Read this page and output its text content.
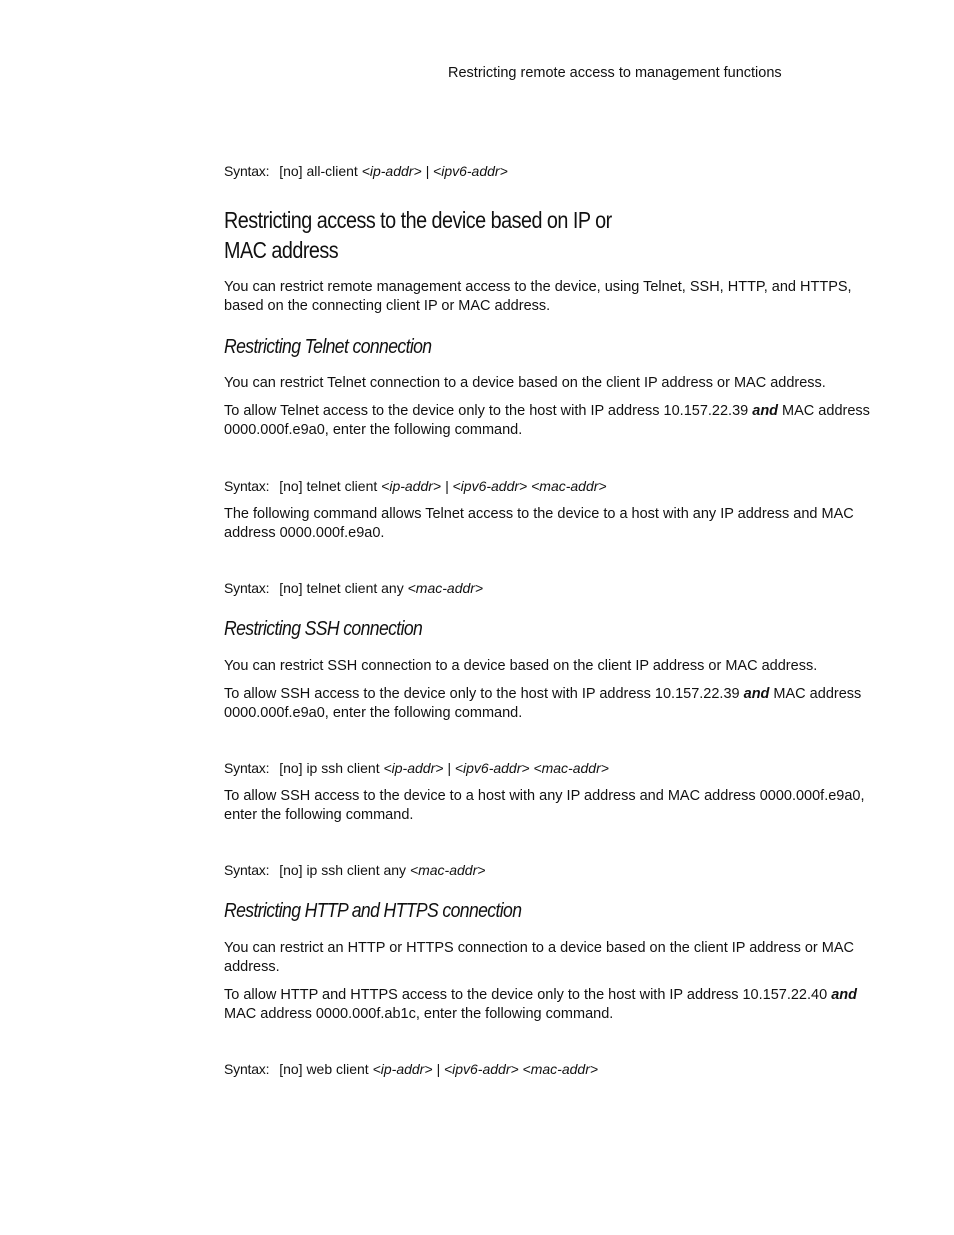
Restricting remote access to management functions
Syntax: [no] all-client <ip-addr> | <ipv6-addr>
Restricting access to the device based on IP or
MAC address
You can restrict remote management access to the device, using Telnet, SSH, HTTP, and HTTPS, based on the connecting client IP or MAC address.
Restricting Telnet connection
You can restrict Telnet connection to a device based on the client IP address or MAC address.
To allow Telnet access to the device only to the host with IP address 10.157.22.39 and MAC address 0000.000f.e9a0, enter the following command.
Syntax: [no] telnet client <ip-addr> | <ipv6-addr> <mac-addr>
The following command allows Telnet access to the device to a host with any IP address and MAC address 0000.000f.e9a0.
Syntax: [no] telnet client any <mac-addr>
Restricting SSH connection
You can restrict SSH connection to a device based on the client IP address or MAC address.
To allow SSH access to the device only to the host with IP address 10.157.22.39 and MAC address 0000.000f.e9a0, enter the following command.
Syntax: [no] ip ssh client <ip-addr> | <ipv6-addr> <mac-addr>
To allow SSH access to the device to a host with any IP address and MAC address 0000.000f.e9a0, enter the following command.
Syntax: [no] ip ssh client any <mac-addr>
Restricting HTTP and HTTPS connection
You can restrict an HTTP or HTTPS connection to a device based on the client IP address or MAC address.
To allow HTTP and HTTPS access to the device only to the host with IP address 10.157.22.40 and MAC address 0000.000f.ab1c, enter the following command.
Syntax: [no] web client <ip-addr> | <ipv6-addr> <mac-addr>
